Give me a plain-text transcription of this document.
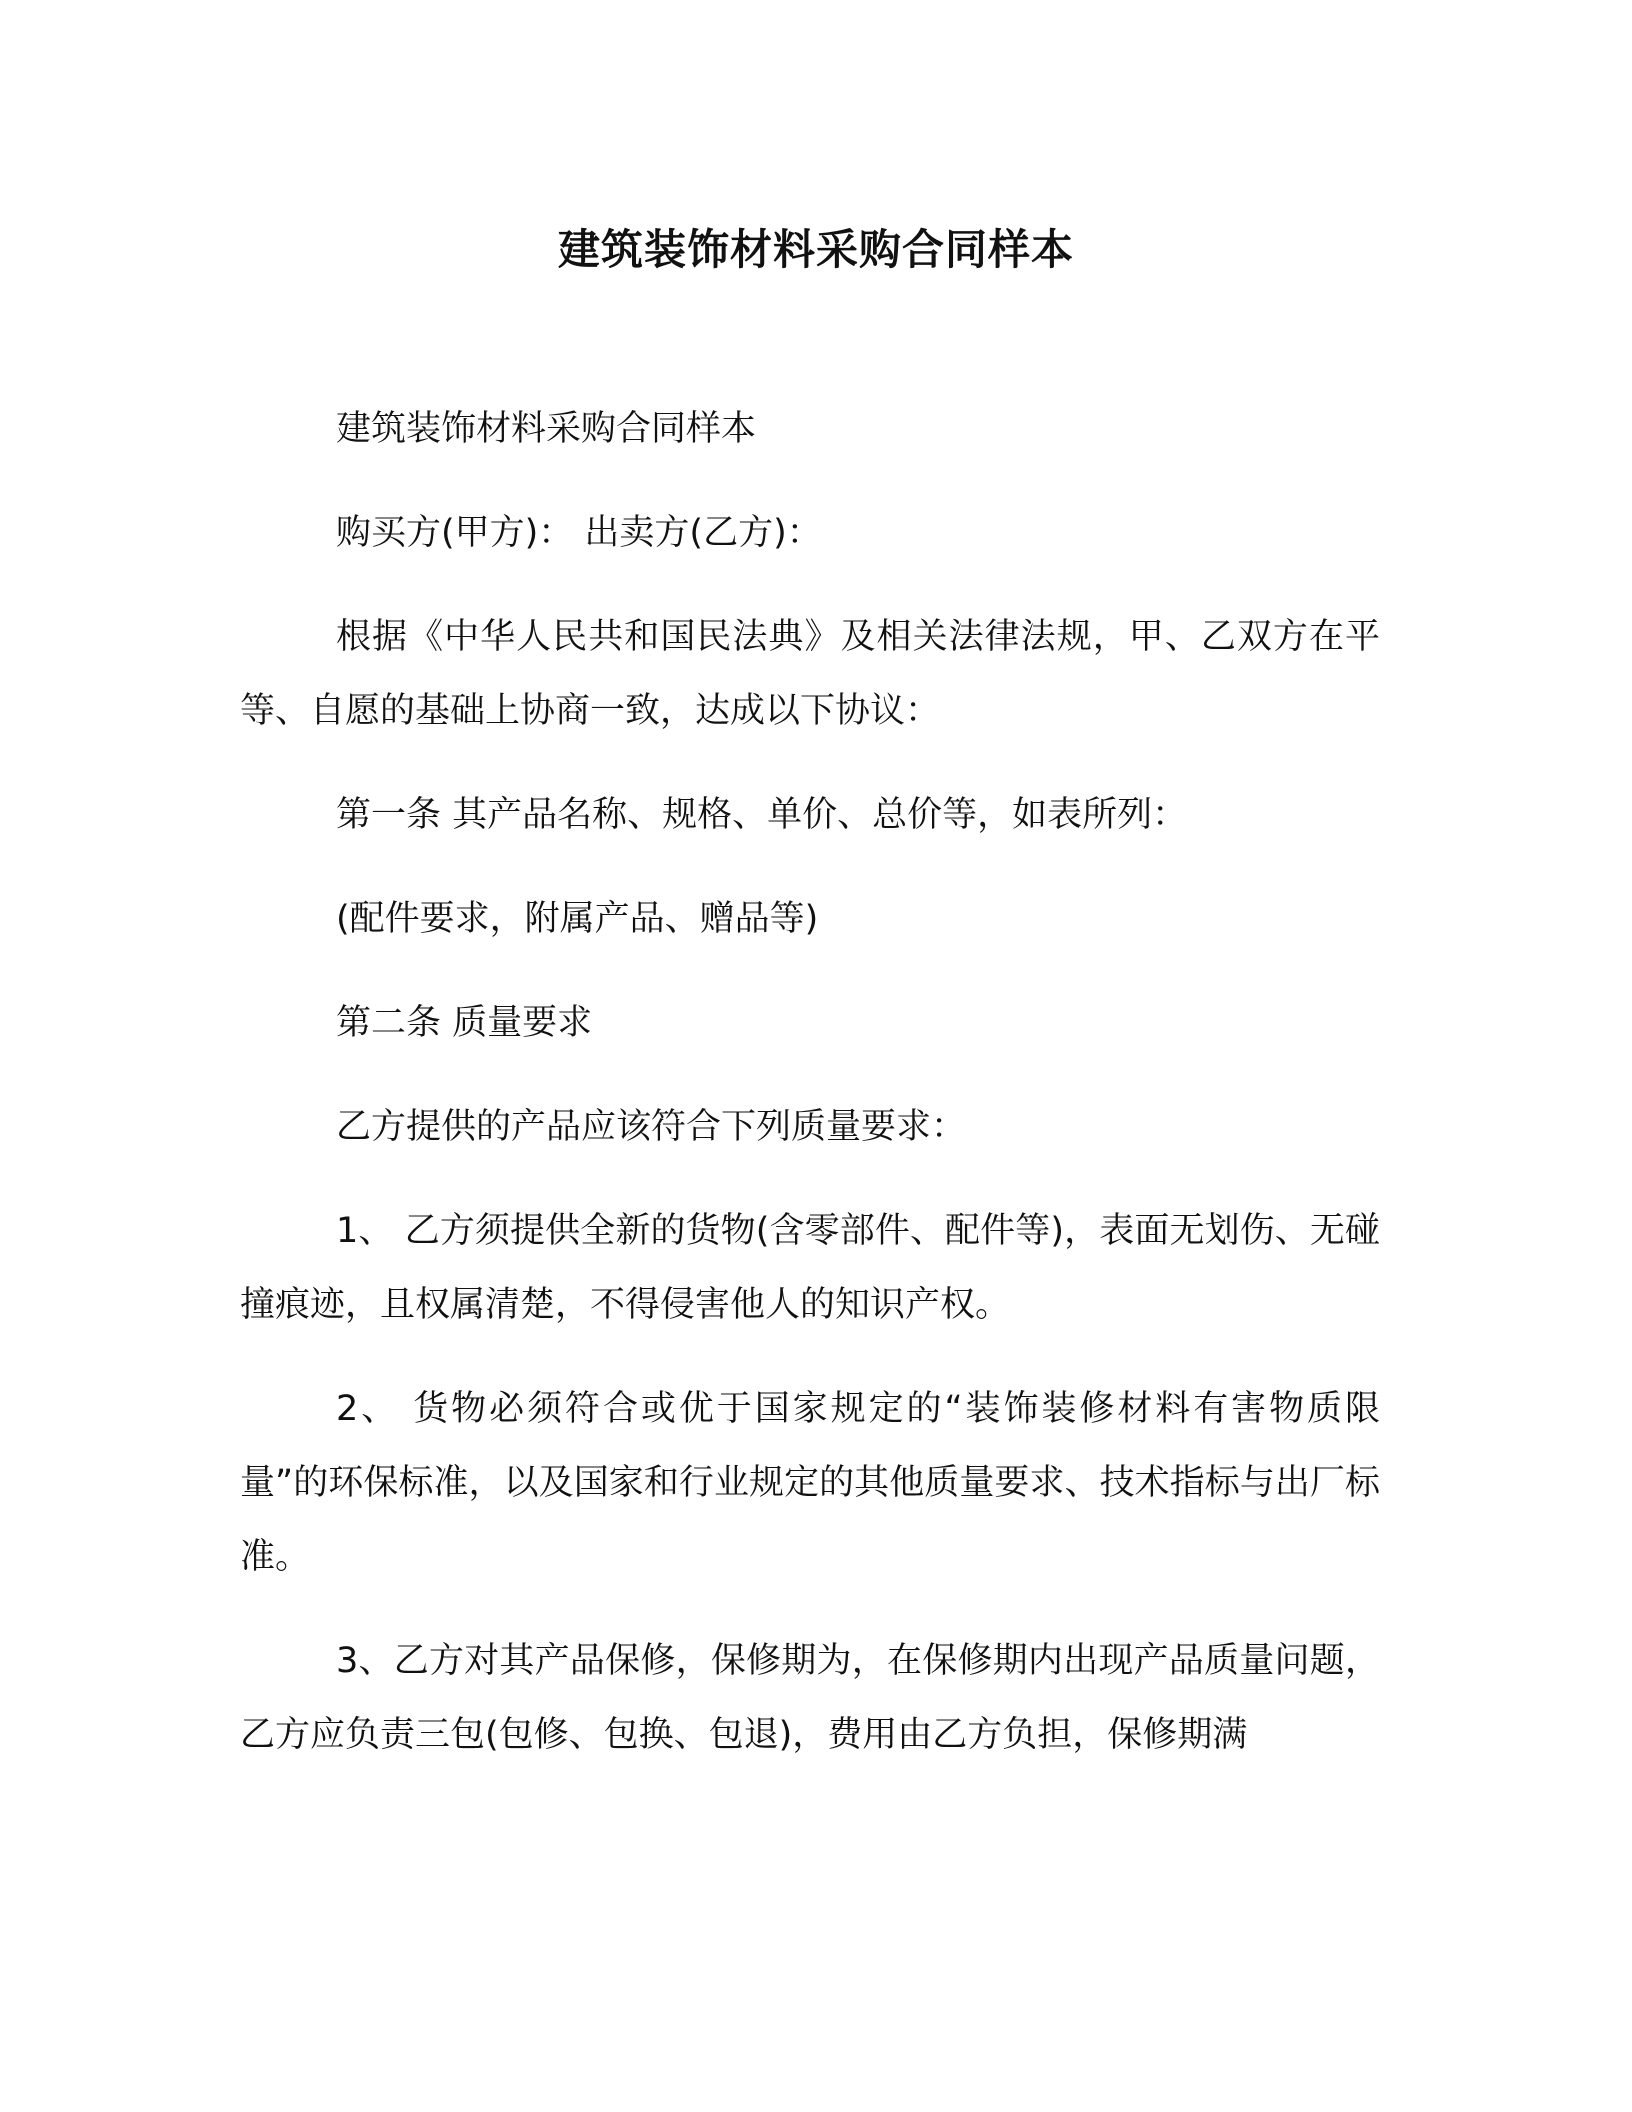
建筑装饰材料采购合同样本

建筑装饰材料采购合同样本

购买方(甲方)： 出卖方(乙方)：

根据《中华人民共和国民法典》及相关法律法规，甲、乙双方在平等、自愿的基础上协商一致，达成以下协议：

第一条 其产品名称、规格、单价、总价等，如表所列：

(配件要求，附属产品、赠品等)

第二条 质量要求

乙方提供的产品应该符合下列质量要求：

1、 乙方须提供全新的货物(含零部件、配件等)，表面无划伤、无碰撞痕迹，且权属清楚，不得侵害他人的知识产权。

2、 货物必须符合或优于国家规定的“装饰装修材料有害物质限量”的环保标准，以及国家和行业规定的其他质量要求、技术指标与出厂标准。

3、乙方对其产品保修，保修期为，在保修期内出现产品质量问题，乙方应负责三包(包修、包换、包退)，费用由乙方负担，保修期满
